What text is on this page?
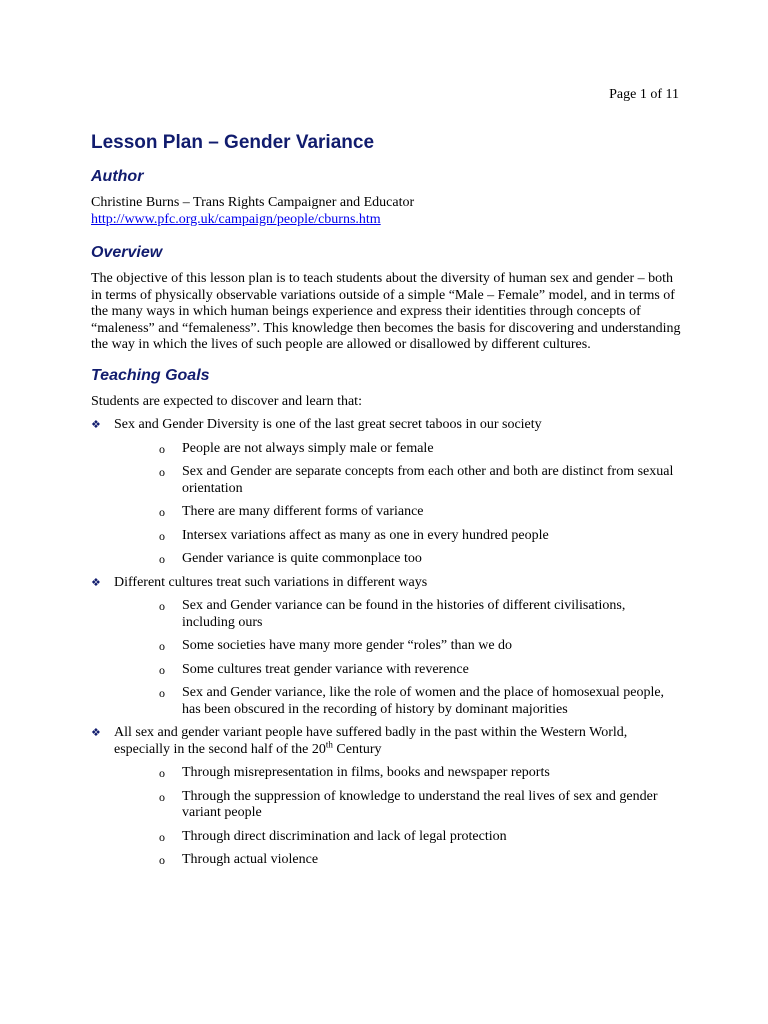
Page 1 of 11
Lesson Plan – Gender Variance
Author

Christine Burns – Trans Rights Campaigner and Educator

http://www.pfc.org.uk/campaign/people/cburns.htm

Overview

The objective of this lesson plan is to teach students about the diversity of human sex and gender – both in terms of physically observable variations outside of a simple “Male – Female” model, and in terms of the many ways in which human beings experience and express their identities through concepts of “maleness” and “femaleness”. This knowledge then becomes the basis for discovering and understanding the way in which the lives of such people are allowed or disallowed by different cultures.

Teaching Goals

Students are expected to discover and learn that:

❖ Sex and Gender Diversity is one of the last great secret taboos in our society
o People are not always simply male or female
o Sex and Gender are separate concepts from each other and both are distinct from sexual orientation
o There are many different forms of variance
o Intersex variations affect as many as one in every hundred people
o Gender variance is quite commonplace too
❖ Different cultures treat such variations in different ways
o Sex and Gender variance can be found in the histories of different civilisations, including ours
o Some societies have many more gender “roles” than we do
o Some cultures treat gender variance with reverence
o Sex and Gender variance, like the role of women and the place of homosexual people, has been obscured in the recording of history by dominant majorities
❖ All sex and gender variant people have suffered badly in the past within the Western World, especially in the second half of the 20th Century
o Through misrepresentation in films, books and newspaper reports
o Through the suppression of knowledge to understand the real lives of sex and gender variant people
o Through direct discrimination and lack of legal protection
o Through actual violence
